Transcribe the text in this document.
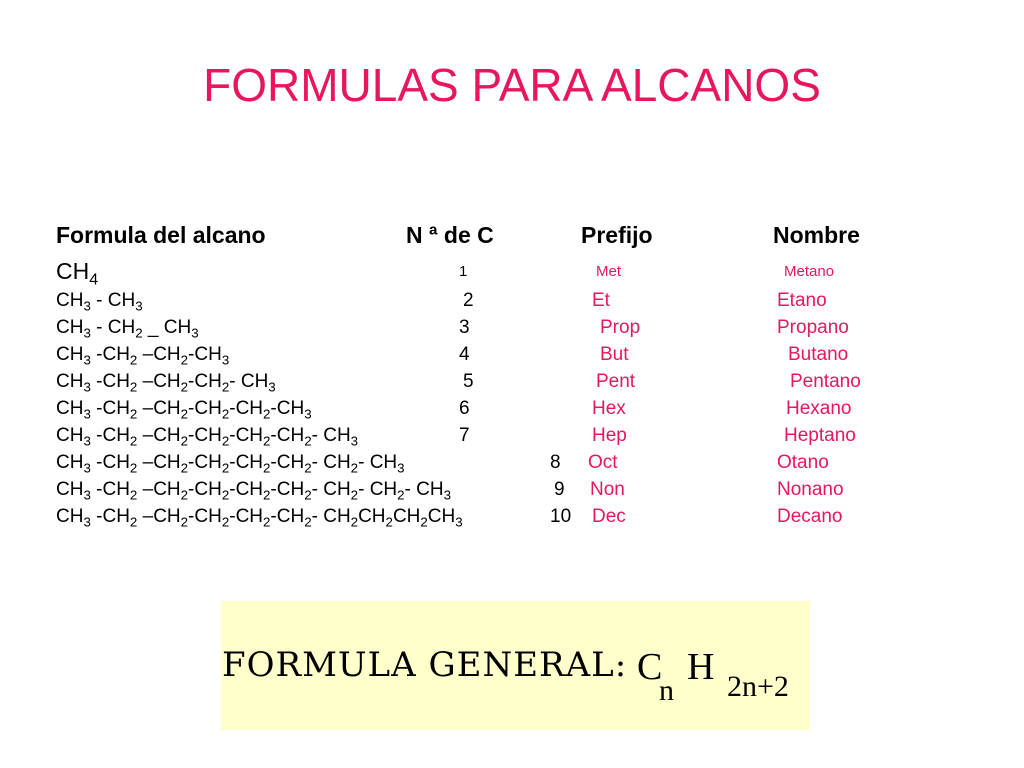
FORMULAS PARA ALCANOS
Formula del alcano	N ª de C	Prefijo	Nombre
$CH_4$	1	Met	Metano
$CH_3 - CH_3$	2	Et	Etano
$CH_3 - CH_2$ _ $CH_3$	3	Prop	Propano
$CH_3$ $-CH_2$ $-CH_2-CH_3$	4	But	Butano
$CH_3$ $-CH_2$ $-CH_2-CH_2-$ $CH_3$	5	Pent	Pentano
$CH_3$ $-CH_2$ $-CH_2-CH_2-CH_2-CH_3$	6	Hex	Hexano
$CH_3$ $-CH_2$ $-CH_2-CH_2-CH_2-CH_2-$ $CH_3$	7	Hep	Heptano
$CH_3$ $-CH_2$ $-CH_2-CH_2-CH_2-CH_2-$ $CH_2-$ $CH_3$	8 Oct	Otano
$CH_3$ $-CH_2$ $-CH_2-CH_2-CH_2-CH_2-$ $CH_2-$ $CH_2-$ $CH_3$	9 Non	Nonano
$CH_3$ $-CH_2$ $-CH_2-CH_2-CH_2-CH_2-$ $CH_2CH_2CH_2CH_3$	10 Dec	Decano
FORMULA GENERAL: C
n
H 2n+2
